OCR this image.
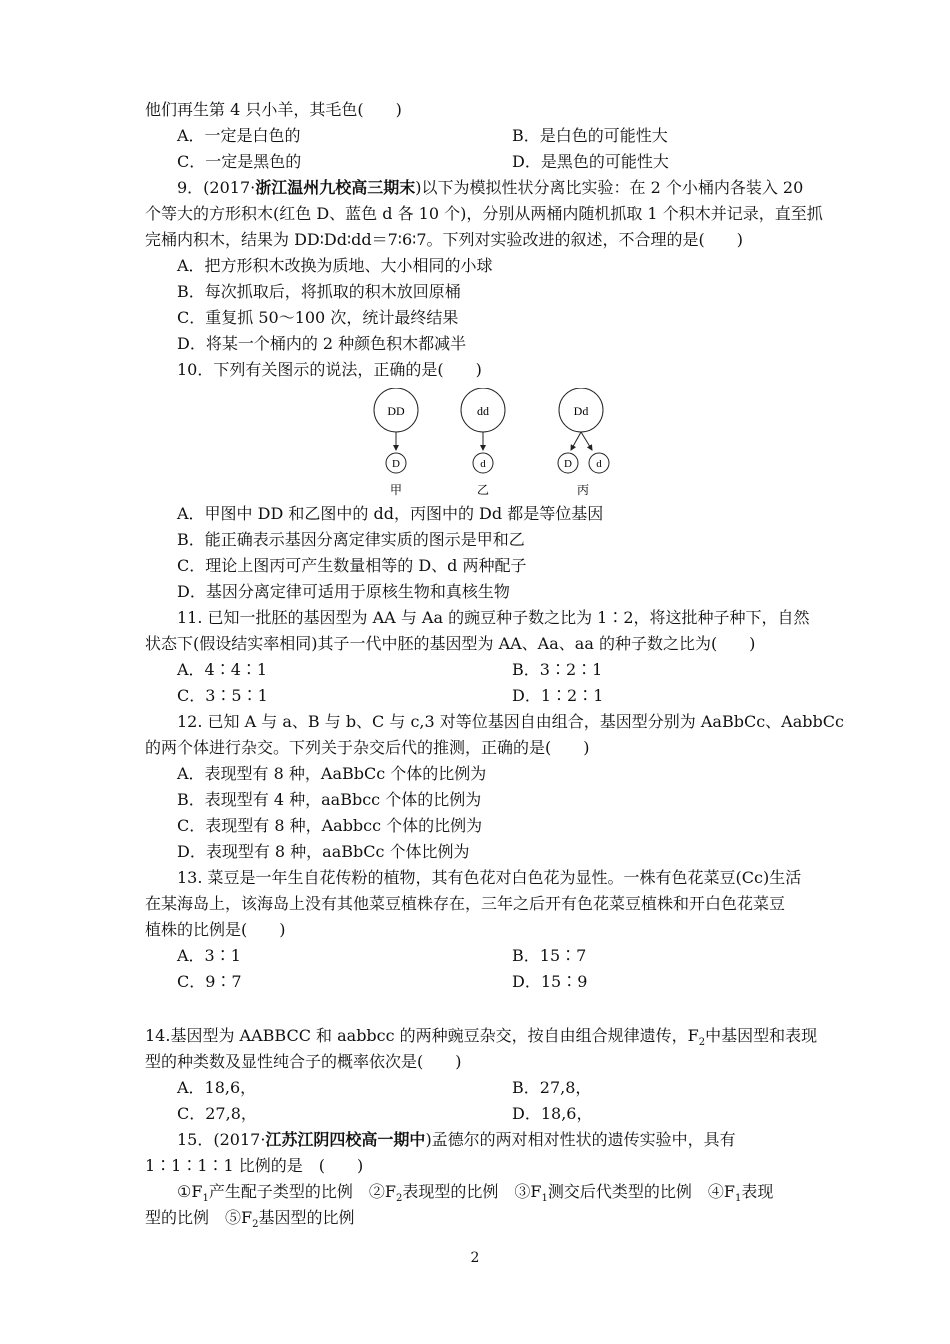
他们再生第 4 只小羊，其毛色(　　)
A．一定是白色的	B．是白色的可能性大
C．一定是黑色的	D．是黑色的可能性大
9．(2017·浙江温州九校高三期末)以下为模拟性状分离比实验：在 2 个小桶内各装入 20
个等大的方形积木(红色 D、蓝色 d 各 10 个)，分别从两桶内随机抓取 1 个积木并记录，直至抓
完桶内积木，结果为 DD∶Dd∶dd＝7∶6∶7。下列对实验改进的叙述，不合理的是(　　)
A．把方形积木改换为质地、大小相同的小球
B．每次抓取后，将抓取的积木放回原桶
C．重复抓 50～100 次，统计最终结果
D．将某一个桶内的 2 种颜色积木都减半
10．下列有关图示的说法，正确的是(　　)
DD
D
甲
dd
d
乙
Dd
D d
丙
A．甲图中 DD 和乙图中的 dd，丙图中的 Dd 都是等位基因
B．能正确表示基因分离定律实质的图示是甲和乙
C．理论上图丙可产生数量相等的 D、d 两种配子
D．基因分离定律可适用于原核生物和真核生物
11. 已知一批胚的基因型为 AA 与 Aa 的豌豆种子数之比为 1∶2，将这批种子种下，自然
状态下(假设结实率相同)其子一代中胚的基因型为 AA、Aa、aa 的种子数之比为(　　)
A．4∶4∶1	B．3∶2∶1
C．3∶5∶1	D．1∶2∶1
12. 已知 A 与 a、B 与 b、C 与 c,3 对等位基因自由组合，基因型分别为 AaBbCc、AabbCc
的两个体进行杂交。下列关于杂交后代的推测，正确的是(　　)
A．表现型有 8 种，AaBbCc 个体的比例为
B．表现型有 4 种，aaBbcc 个体的比例为
C．表现型有 8 种，Aabbcc 个体的比例为
D．表现型有 8 种，aaBbCc 个体比例为
13. 菜豆是一年生自花传粉的植物，其有色花对白色花为显性。一株有色花菜豆(Cc)生活
在某海岛上，该海岛上没有其他菜豆植株存在，三年之后开有色花菜豆植株和开白色花菜豆
植株的比例是(　　)
A．3∶1	B．15∶7
C．9∶7	D．15∶9
14.基因型为 AABBCC 和 aabbcc 的两种豌豆杂交，按自由组合规律遗传，$F_2$中基因型和表现
型的种类数及显性纯合子的概率依次是(　　)
A．18,6，	B．27,8，
C．27,8，	D．18,6，
15．(2017·江苏江阴四校高一期中)孟德尔的两对相对性状的遗传实验中，具有
1∶1∶1∶1 比例的是　(　　)
$①F_1$产生配子类型的比例　 $②F_2$表现型的比例　 $③F_1$测交后代类型的比例　 $④F_1$表现
型的比例　$⑤F_2$基因型的比例
2
